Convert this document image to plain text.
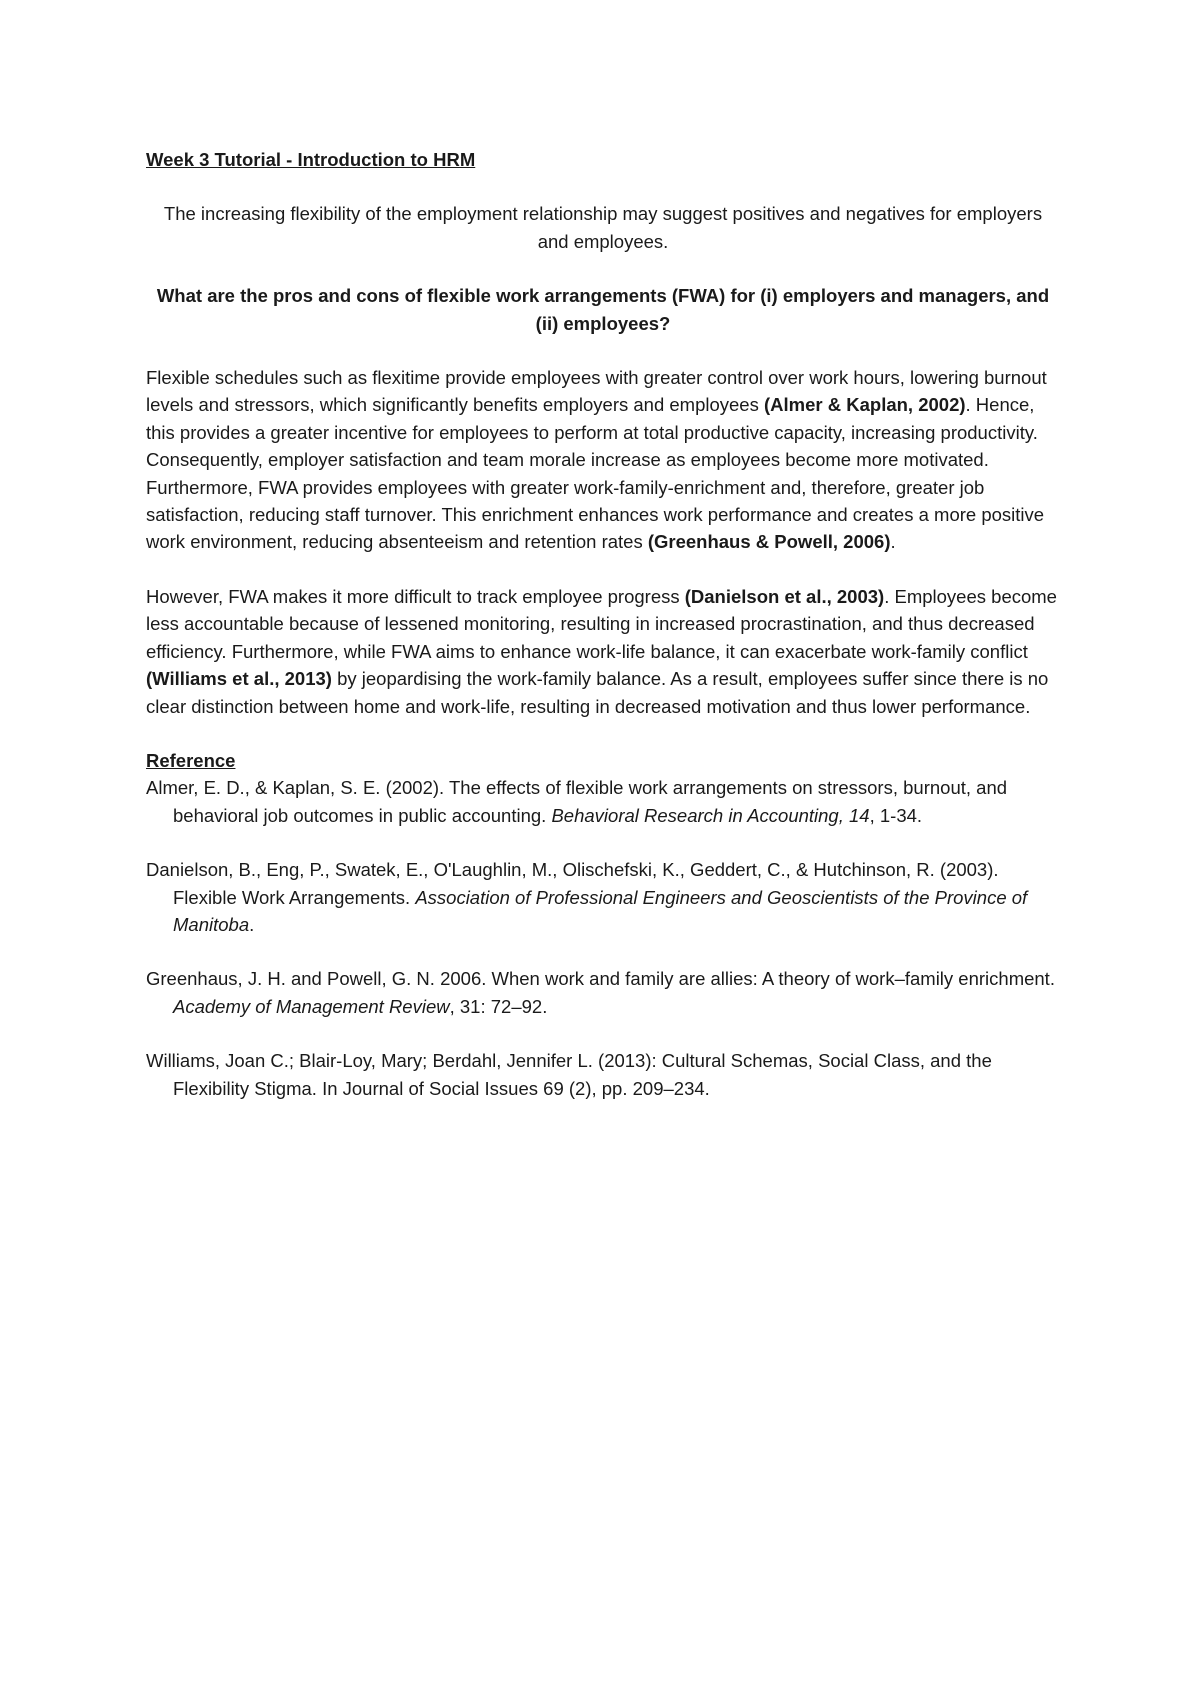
Week 3 Tutorial - Introduction to HRM

The increasing flexibility of the employment relationship may suggest positives and negatives for employers and employees.

What are the pros and cons of flexible work arrangements (FWA) for (i) employers and managers, and (ii) employees?

Flexible schedules such as flexitime provide employees with greater control over work hours, lowering burnout levels and stressors, which significantly benefits employers and employees (Almer & Kaplan, 2002). Hence, this provides a greater incentive for employees to perform at total productive capacity, increasing productivity. Consequently, employer satisfaction and team morale increase as employees become more motivated. Furthermore, FWA provides employees with greater work-family-enrichment and, therefore, greater job satisfaction, reducing staff turnover. This enrichment enhances work performance and creates a more positive work environment, reducing absenteeism and retention rates (Greenhaus & Powell, 2006).

However, FWA makes it more difficult to track employee progress (Danielson et al., 2003). Employees become less accountable because of lessened monitoring, resulting in increased procrastination, and thus decreased efficiency. Furthermore, while FWA aims to enhance work-life balance, it can exacerbate work-family conflict (Williams et al., 2013) by jeopardising the work-family balance. As a result, employees suffer since there is no clear distinction between home and work-life, resulting in decreased motivation and thus lower performance.

Reference

Almer, E. D., & Kaplan, S. E. (2002). The effects of flexible work arrangements on stressors, burnout, and behavioral job outcomes in public accounting. Behavioral Research in Accounting, 14, 1-34.

Danielson, B., Eng, P., Swatek, E., O'Laughlin, M., Olischefski, K., Geddert, C., & Hutchinson, R. (2003). Flexible Work Arrangements. Association of Professional Engineers and Geoscientists of the Province of Manitoba.

Greenhaus, J. H. and Powell, G. N. 2006. When work and family are allies: A theory of work–family enrichment. Academy of Management Review, 31: 72–92.

Williams, Joan C.; Blair-Loy, Mary; Berdahl, Jennifer L. (2013): Cultural Schemas, Social Class, and the Flexibility Stigma. In Journal of Social Issues 69 (2), pp. 209–234.
